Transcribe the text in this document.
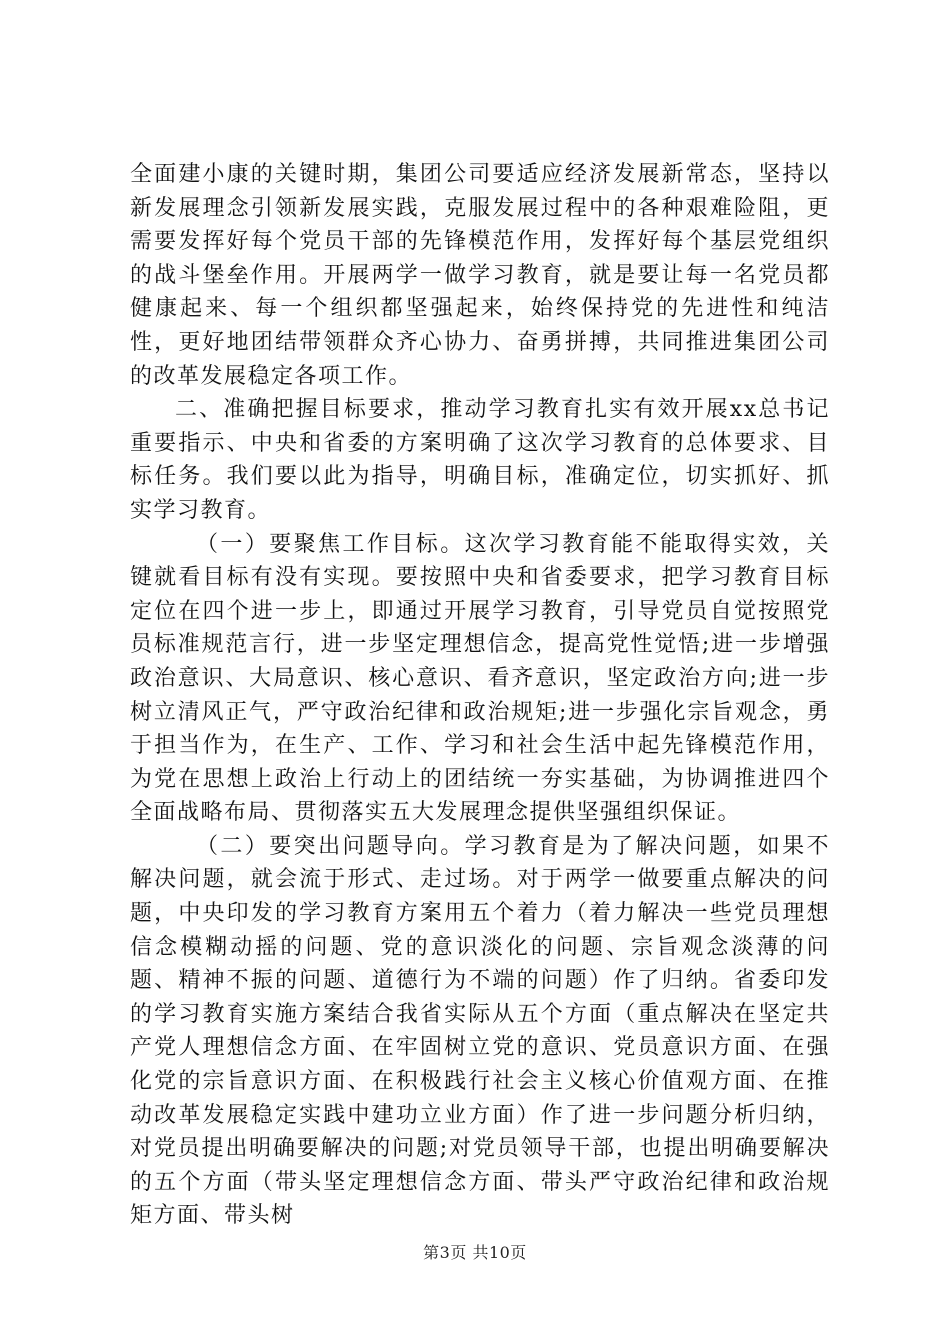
全面建小康的关键时期，集团公司要适应经济发展新常态，坚持以新发展理念引领新发展实践，克服发展过程中的各种艰难险阻，更需要发挥好每个党员干部的先锋模范作用，发挥好每个基层党组织的战斗堡垒作用。开展两学一做学习教育，就是要让每一名党员都健康起来、每一个组织都坚强起来，始终保持党的先进性和纯洁性，更好地团结带领群众齐心协力、奋勇拼搏，共同推进集团公司的改革发展稳定各项工作。

二、准确把握目标要求，推动学习教育扎实有效开展xx总书记重要指示、中央和省委的方案明确了这次学习教育的总体要求、目标任务。我们要以此为指导，明确目标，准确定位，切实抓好、抓实学习教育。

（一）要聚焦工作目标。这次学习教育能不能取得实效，关键就看目标有没有实现。要按照中央和省委要求，把学习教育目标定位在四个进一步上，即通过开展学习教育，引导党员自觉按照党员标准规范言行，进一步坚定理想信念，提高党性觉悟;进一步增强政治意识、大局意识、核心意识、看齐意识，坚定政治方向;进一步树立清风正气，严守政治纪律和政治规矩;进一步强化宗旨观念，勇于担当作为，在生产、工作、学习和社会生活中起先锋模范作用，为党在思想上政治上行动上的团结统一夯实基础，为协调推进四个全面战略布局、贯彻落实五大发展理念提供坚强组织保证。

（二）要突出问题导向。学习教育是为了解决问题，如果不解决问题，就会流于形式、走过场。对于两学一做要重点解决的问题，中央印发的学习教育方案用五个着力（着力解决一些党员理想信念模糊动摇的问题、党的意识淡化的问题、宗旨观念淡薄的问题、精神不振的问题、道德行为不端的问题）作了归纳。省委印发的学习教育实施方案结合我省实际从五个方面（重点解决在坚定共产党人理想信念方面、在牢固树立党的意识、党员意识方面、在强化党的宗旨意识方面、在积极践行社会主义核心价值观方面、在推动改革发展稳定实践中建功立业方面）作了进一步问题分析归纳，对党员提出明确要解决的问题;对党员领导干部，也提出明确要解决的五个方面（带头坚定理想信念方面、带头严守政治纪律和政治规矩方面、带头树

第3页 共10页
